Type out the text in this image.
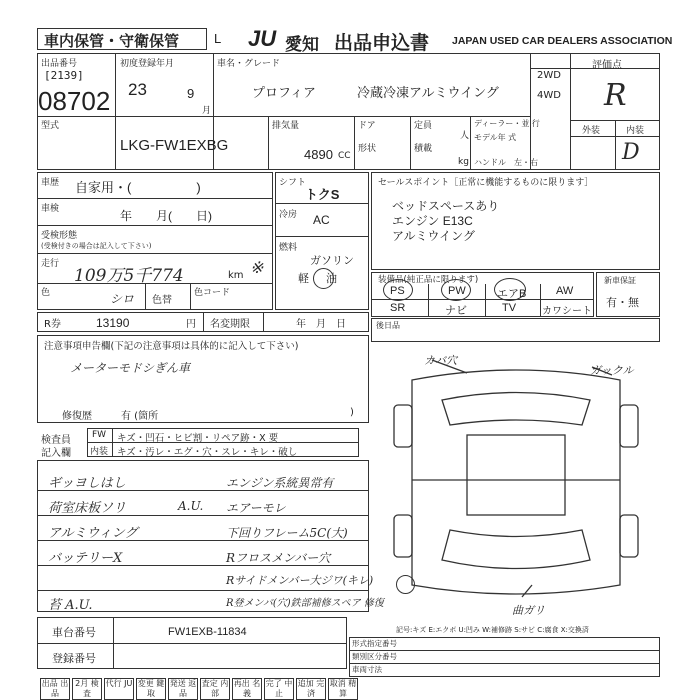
車内保管・守衛保管	L JU 愛知 出品申込書 JAPAN USED CAR DEALERS ASSOCIATION
出品番号
[2139]
08702
初度登録年月
23	9
月
車名・グレード
プロフィア	冷蔵冷凍アルミウイング
2WD
4WD
評価点
R
外装	内装
D
型式
LKG-FW1EXBG
排気量
4890 CC
ドア
形状
定員
人
積載
kg
ディーラー・並 行
モデル年 式
ハンドル　左・右
車歴 自家用・(　　　　　)
車検	年　　月(　　日)
受検形態
(受検付きの場合は記入して下さい)
走行
109万5千774	km ※
色	シロ 色替
色コード
シフト
トクS
冷房 AC
燃料
ガソリン
軽 油
セールスポイント［正常に機能するものに限ります］
ベッドスペースあり
エンジン E13C
アルミウイング
装備品(純正品に限ります)
PS	PW	エアB	AW
SR	ナビ	TV	カワシート
新車保証
有・無
R券	13190	円 名変期限	年　月　日	後日品
注意事項申告欄(下記の注意事項は具体的に記入して下さい)
メーターモドシぎん車
修復歴	有 (箇所	)
検査員
記入欄
FW キズ・凹石・ヒビ割・リペア跡・X 要
内装 キズ・汚レ・エグ・穴・スレ・キレ・破し
ギッヨしはし
荷室床板ソリ
アルミウィング
バッテリーX
苔 A.U.
A.U.
エンジン系統異常有
エアーモレ
下回りフレーム5C(大)
Rフロスメンバー穴
Rサイドメンバー大ジワ(キレ)
R登メンバ(穴)鉄部補修スペア 修復
カバ穴
ガックル
曲ガリ
記号:キズ E:エクボ U:凹み W:補修跡 S:サビ C:腐食 X:交換済
車台番号	FW1EXB-11834
登録番号
形式指定番号
類別区分番号
車両寸法
出品 出品
2月 検査
代行 JU 変更 鍵取
発送 返品
査定 内部
再出 名義
完了 中止
追加 完済
取消 精算
